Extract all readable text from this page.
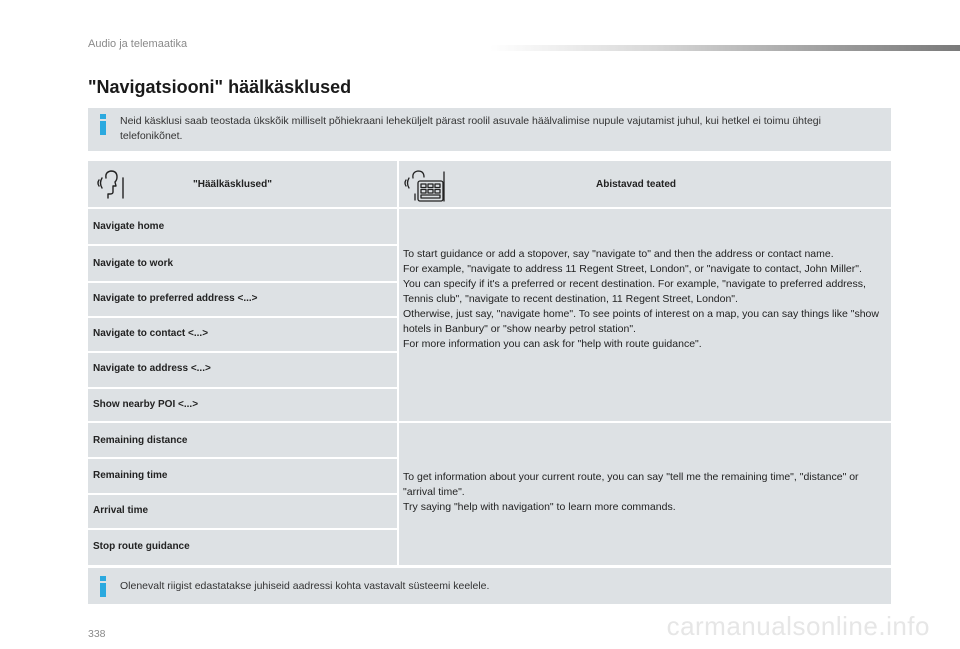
Audio ja telemaatika
"Navigatsiooni" häälkäsklused
Neid käsklusi saab teostada ükskõik milliselt põhiekraani leheküljelt pärast roolil asuvale häälvalimise nupule vajutamist juhul, kui hetkel ei toimu ühtegi telefonikõnet.
"Häälkäsklused"	Abistavad teated
Navigate home
Navigate to work
Navigate to preferred address <...>
Navigate to contact <...>
Navigate to address <...>
Show nearby POI <...>
To start guidance or add a stopover, say "navigate to" and then the address or contact name.
For example, "navigate to address 11 Regent Street, London", or "navigate to contact, John Miller".
You can specify if it's a preferred or recent destination. For example, "navigate to preferred address, Tennis club", "navigate to recent destination, 11 Regent Street, London".
Otherwise, just say, "navigate home". To see points of interest on a map, you can say things like "show hotels in Banbury" or "show nearby petrol station".
For more information you can ask for "help with route guidance".
Remaining distance
Remaining time
Arrival time
Stop route guidance
To get information about your current route, you can say "tell me the remaining time", "distance" or "arrival time".
Try saying "help with navigation" to learn more commands.
Olenevalt riigist edastatakse juhiseid aadressi kohta vastavalt süsteemi keelele.
338	carmanualsonline.info
